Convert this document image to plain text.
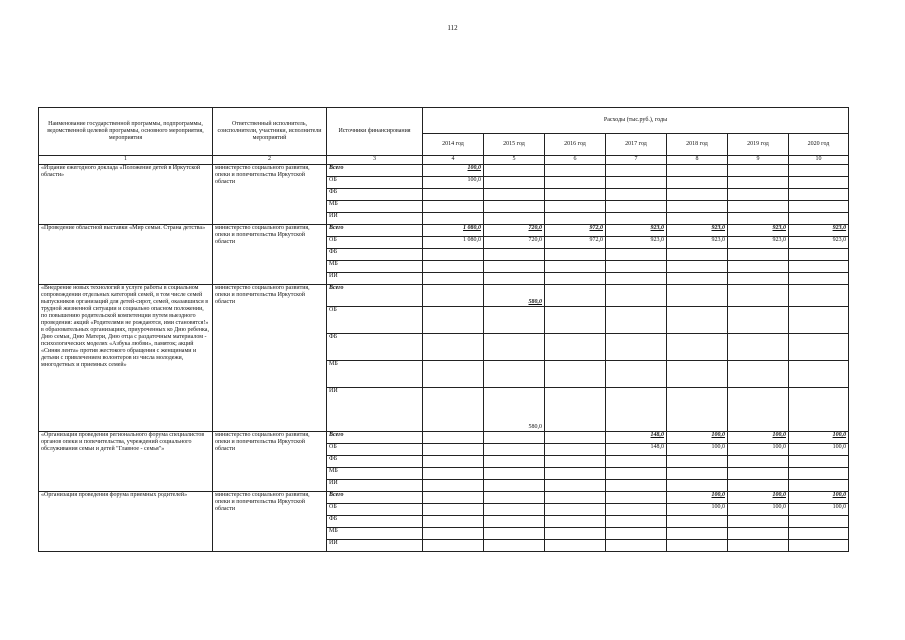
112
Наименование государственной программы, подпрограммы, ведомственной целевой программы, основного мероприятия, мероприятия	Ответственный исполнитель, соисполнители, участники, исполнители мероприятий	Источники финансирования	Расходы (тыс.руб.), годы						
			2014 год	2015 год	2016 год	2017 год	2018 год	2019 год	2020 год
1	2	3	4	5	6	7	8	9	10
«Издание ежегодного доклада «Положение детей в Иркутской области»	министерство социального развития, опеки и попечительства Иркутской области	Всего	100,0						
		ОБ	100,0						
		ФБ							
		МБ							
		ИИ							
«Проведение областной выставки «Мир семьи. Страна детства»	министерство социального развития, опеки и попечительства Иркутской области	Всего	1 080,0	720,0	972,0	923,0	923,0	923,0	923,0
		ОБ	1 080,0	720,0	972,0	923,0	923,0	923,0	923,0
		ФБ							
		МБ							
		ИИ							
«Внедрение новых технологий в услуге работы в социальном сопровождении отдельных категорий семей, в том числе семей выпускников организаций для детей-сирот, семей, оказавшихся в трудной жизненной ситуации и социально опасном положении, по повышению родительской компетенции путем выездного проведения: акций «Родителями не рождаются, ими становятся!» в образовательных организациях, приуроченных ко Дню ребенка, Дню семьи, Дню Матери, Дню отца с раздаточным материалом - психологических моделях «Азбука любви», памяток; акций «Синяя лента» против жестокого обращения с женщинами и детьми с привлечением волонтеров из числа молодежи, многодетных и приемных семей»	министерство социального развития, опеки и попечительства Иркутской области	Всего		580,0					
		ОБ							
		ФБ							
		МБ							
		ИИ		580,0					
«Организация проведения регионального форума специалистов органов опеки и попечительства, учреждений социального обслуживания семьи и детей "Главное - семья"»	министерство социального развития, опеки и попечительства Иркутской области	Всего				148,0	100,0	100,0	100,0
		ОБ				148,0	100,0	100,0	100,0
		ФБ							
		МБ							
		ИИ							
«Организация проведения форума приемных родителей»	министерство социального развития, опеки и попечительства Иркутской области	Всего					100,0	100,0	100,0
		ОБ					100,0	100,0	100,0
		ФБ							
		МБ							
		ИИ							
